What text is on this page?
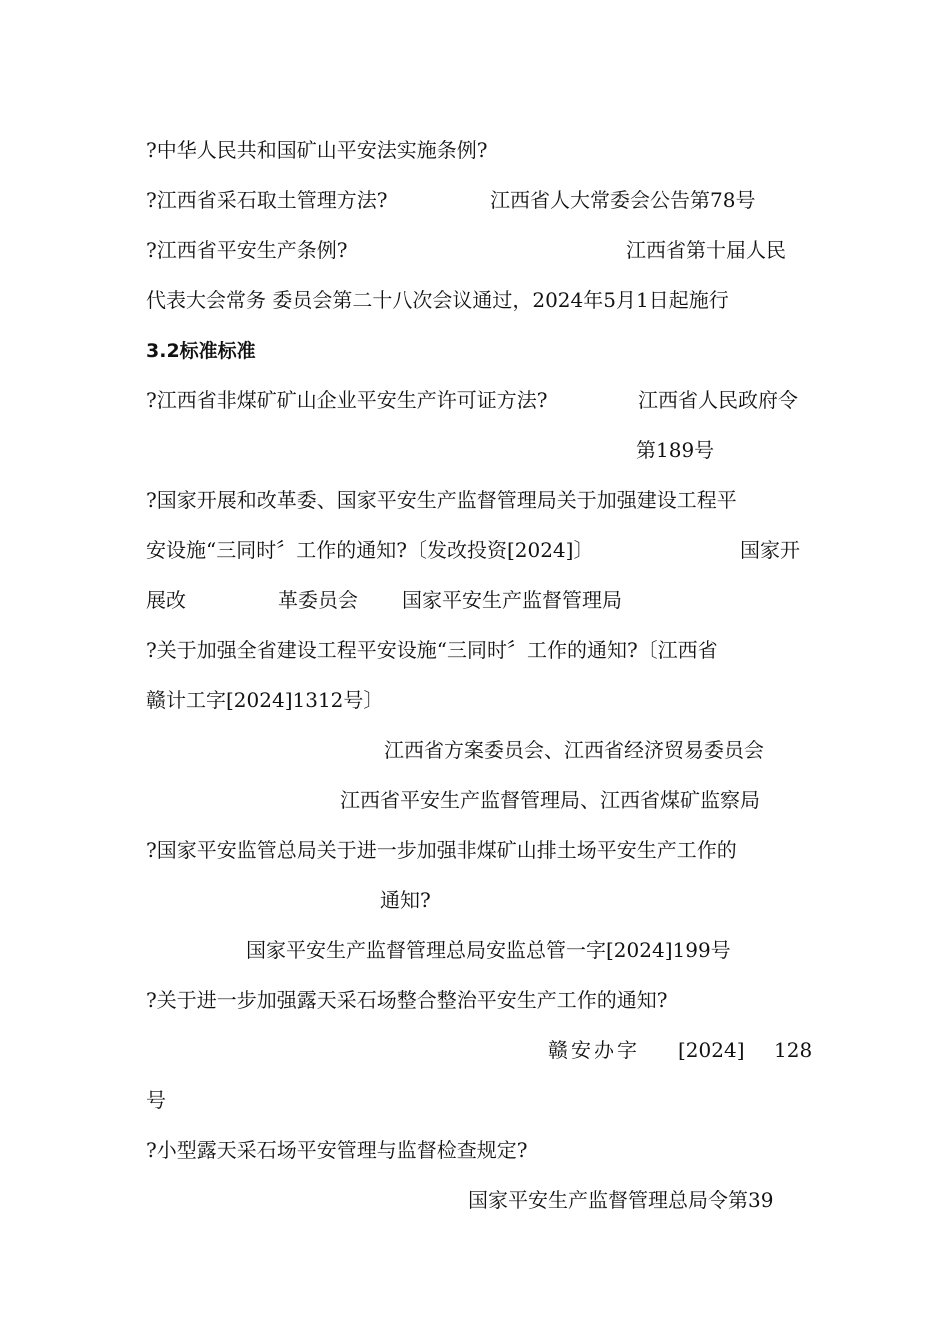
?中华人民共和国矿山平安法实施条例?
?江西省采石取土管理方法?	江西省人大常委会公告第78号
?江西省平安生产条例?	江西省第十届人民
代表大会常务 委员会第二十八次会议通过，2024年5月1日起施行
3.2标准标准
?江西省非煤矿矿山企业平安生产许可证方法?	江西省人民政府令
第189号
?国家开展和改革委、国家平安生产监督管理局关于加强建设工程平
安设施“三同时〞工作的通知?〔发改投资[2024]〕	国家开
展改	革委员会 国家平安生产监督管理局
?关于加强全省建设工程平安设施“三同时〞工作的通知?〔江西省
赣计工字[2024]1312号〕
江西省方案委员会、江西省经济贸易委员会
江西省平安生产监督管理局、江西省煤矿监察局
?国家平安监管总局关于进一步加强非煤矿山排土场平安生产工作的
通知?
国家平安生产监督管理总局安监总管一字[2024]199号
?关于进一步加强露天采石场整合整治平安生产工作的通知?
赣安办字 [2024] 128
号
?小型露天采石场平安管理与监督检查规定?
国家平安生产监督管理总局令第39
